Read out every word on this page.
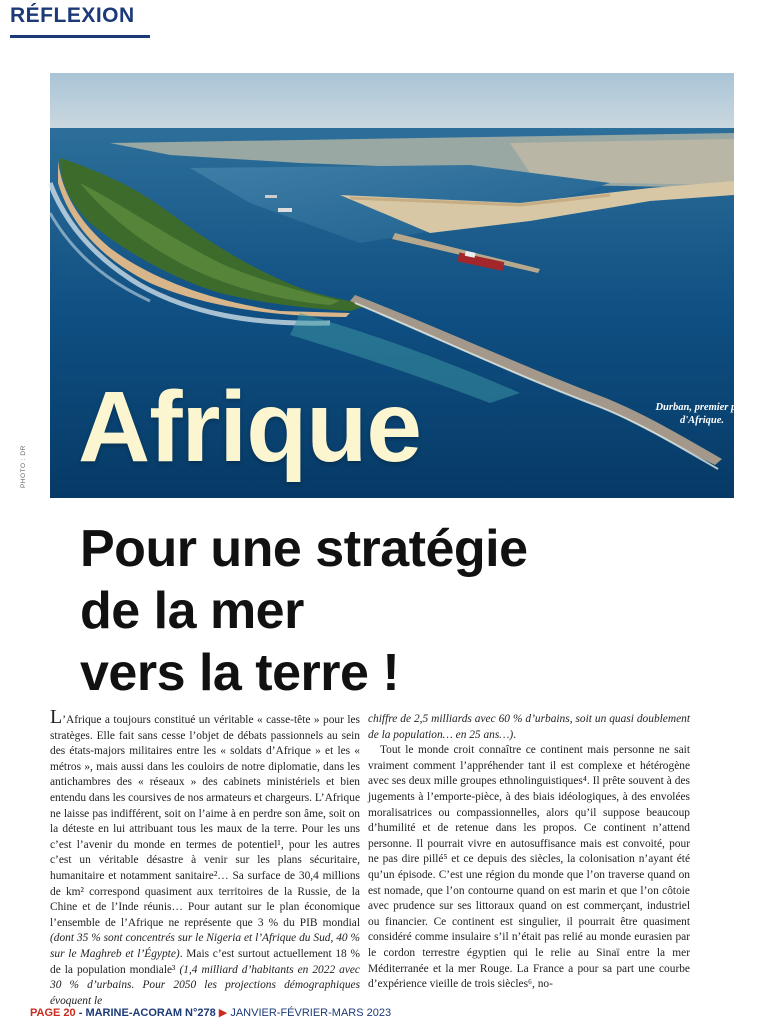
RÉFLEXION
Durban, premier port
d'Afrique.
Afrique
PHOTO : DR
Pour une stratégie
de la mer
vers la terre !

L’Afrique a toujours constitué un véritable « casse-tête » pour les stratèges. Elle fait sans cesse l’objet de débats passionnels au sein des états-majors militaires entre les « soldats d’Afrique » et les « métros », mais aussi dans les couloirs de notre diplomatie, dans les antichambres des « réseaux » des cabinets ministériels et bien entendu dans les coursives de nos armateurs et chargeurs. L’Afrique ne laisse pas indifférent, soit on l’aime à en perdre son âme, soit on la déteste en lui attribuant tous les maux de la terre. Pour les uns c’est l’avenir du monde en termes de potentiel¹, pour les autres c’est un véritable désastre à venir sur les plans sécuritaire, humanitaire et notamment sanitaire²… Sa surface de 30,4 millions de km² correspond quasiment aux territoires de la Russie, de la Chine et de l’Inde réunis… Pour autant sur le plan économique l’ensemble de l’Afrique ne représente que 3 % du PIB mondial (dont 35 % sont concentrés sur le Nigeria et l’Afrique du Sud, 40 % sur le Maghreb et l’Égypte). Mais c’est surtout actuellement 18 % de la population mondiale³ (1,4 milliard d’habitants en 2022 avec 30 % d’urbains. Pour 2050 les projections démographiques évoquent le

chiffre de 2,5 milliards avec 60 % d’urbains, soit un quasi doublement de la population… en 25 ans…).

Tout le monde croit connaître ce continent mais personne ne sait vraiment comment l’appréhender tant il est complexe et hétérogène avec ses deux mille groupes ethnolinguistiques⁴. Il prête souvent à des jugements à l’emporte-pièce, à des biais idéologiques, à des envolées moralisatrices ou compassionnelles, alors qu’il suppose beaucoup d’humilité et de retenue dans les propos. Ce continent n’attend personne. Il pourrait vivre en autosuffisance mais est convoité, pour ne pas dire pillé⁵ et ce depuis des siècles, la colonisation n’ayant été qu’un épisode. C’est une région du monde que l’on traverse quand on est nomade, que l’on contourne quand on est marin et que l’on côtoie avec prudence sur ses littoraux quand on est commerçant, industriel ou financier. Ce continent est singulier, il pourrait être quasiment considéré comme insulaire s’il n’était pas relié au monde eurasien par le cordon terrestre égyptien qui le relie au Sinaï entre la mer Méditerranée et la mer Rouge. La France a pour sa part une courbe d’expérience vieille de trois siècles⁶, no-

PAGE 20 - MARINE-ACORAM N°278 ▶ JANVIER-FÉVRIER-MARS 2023
